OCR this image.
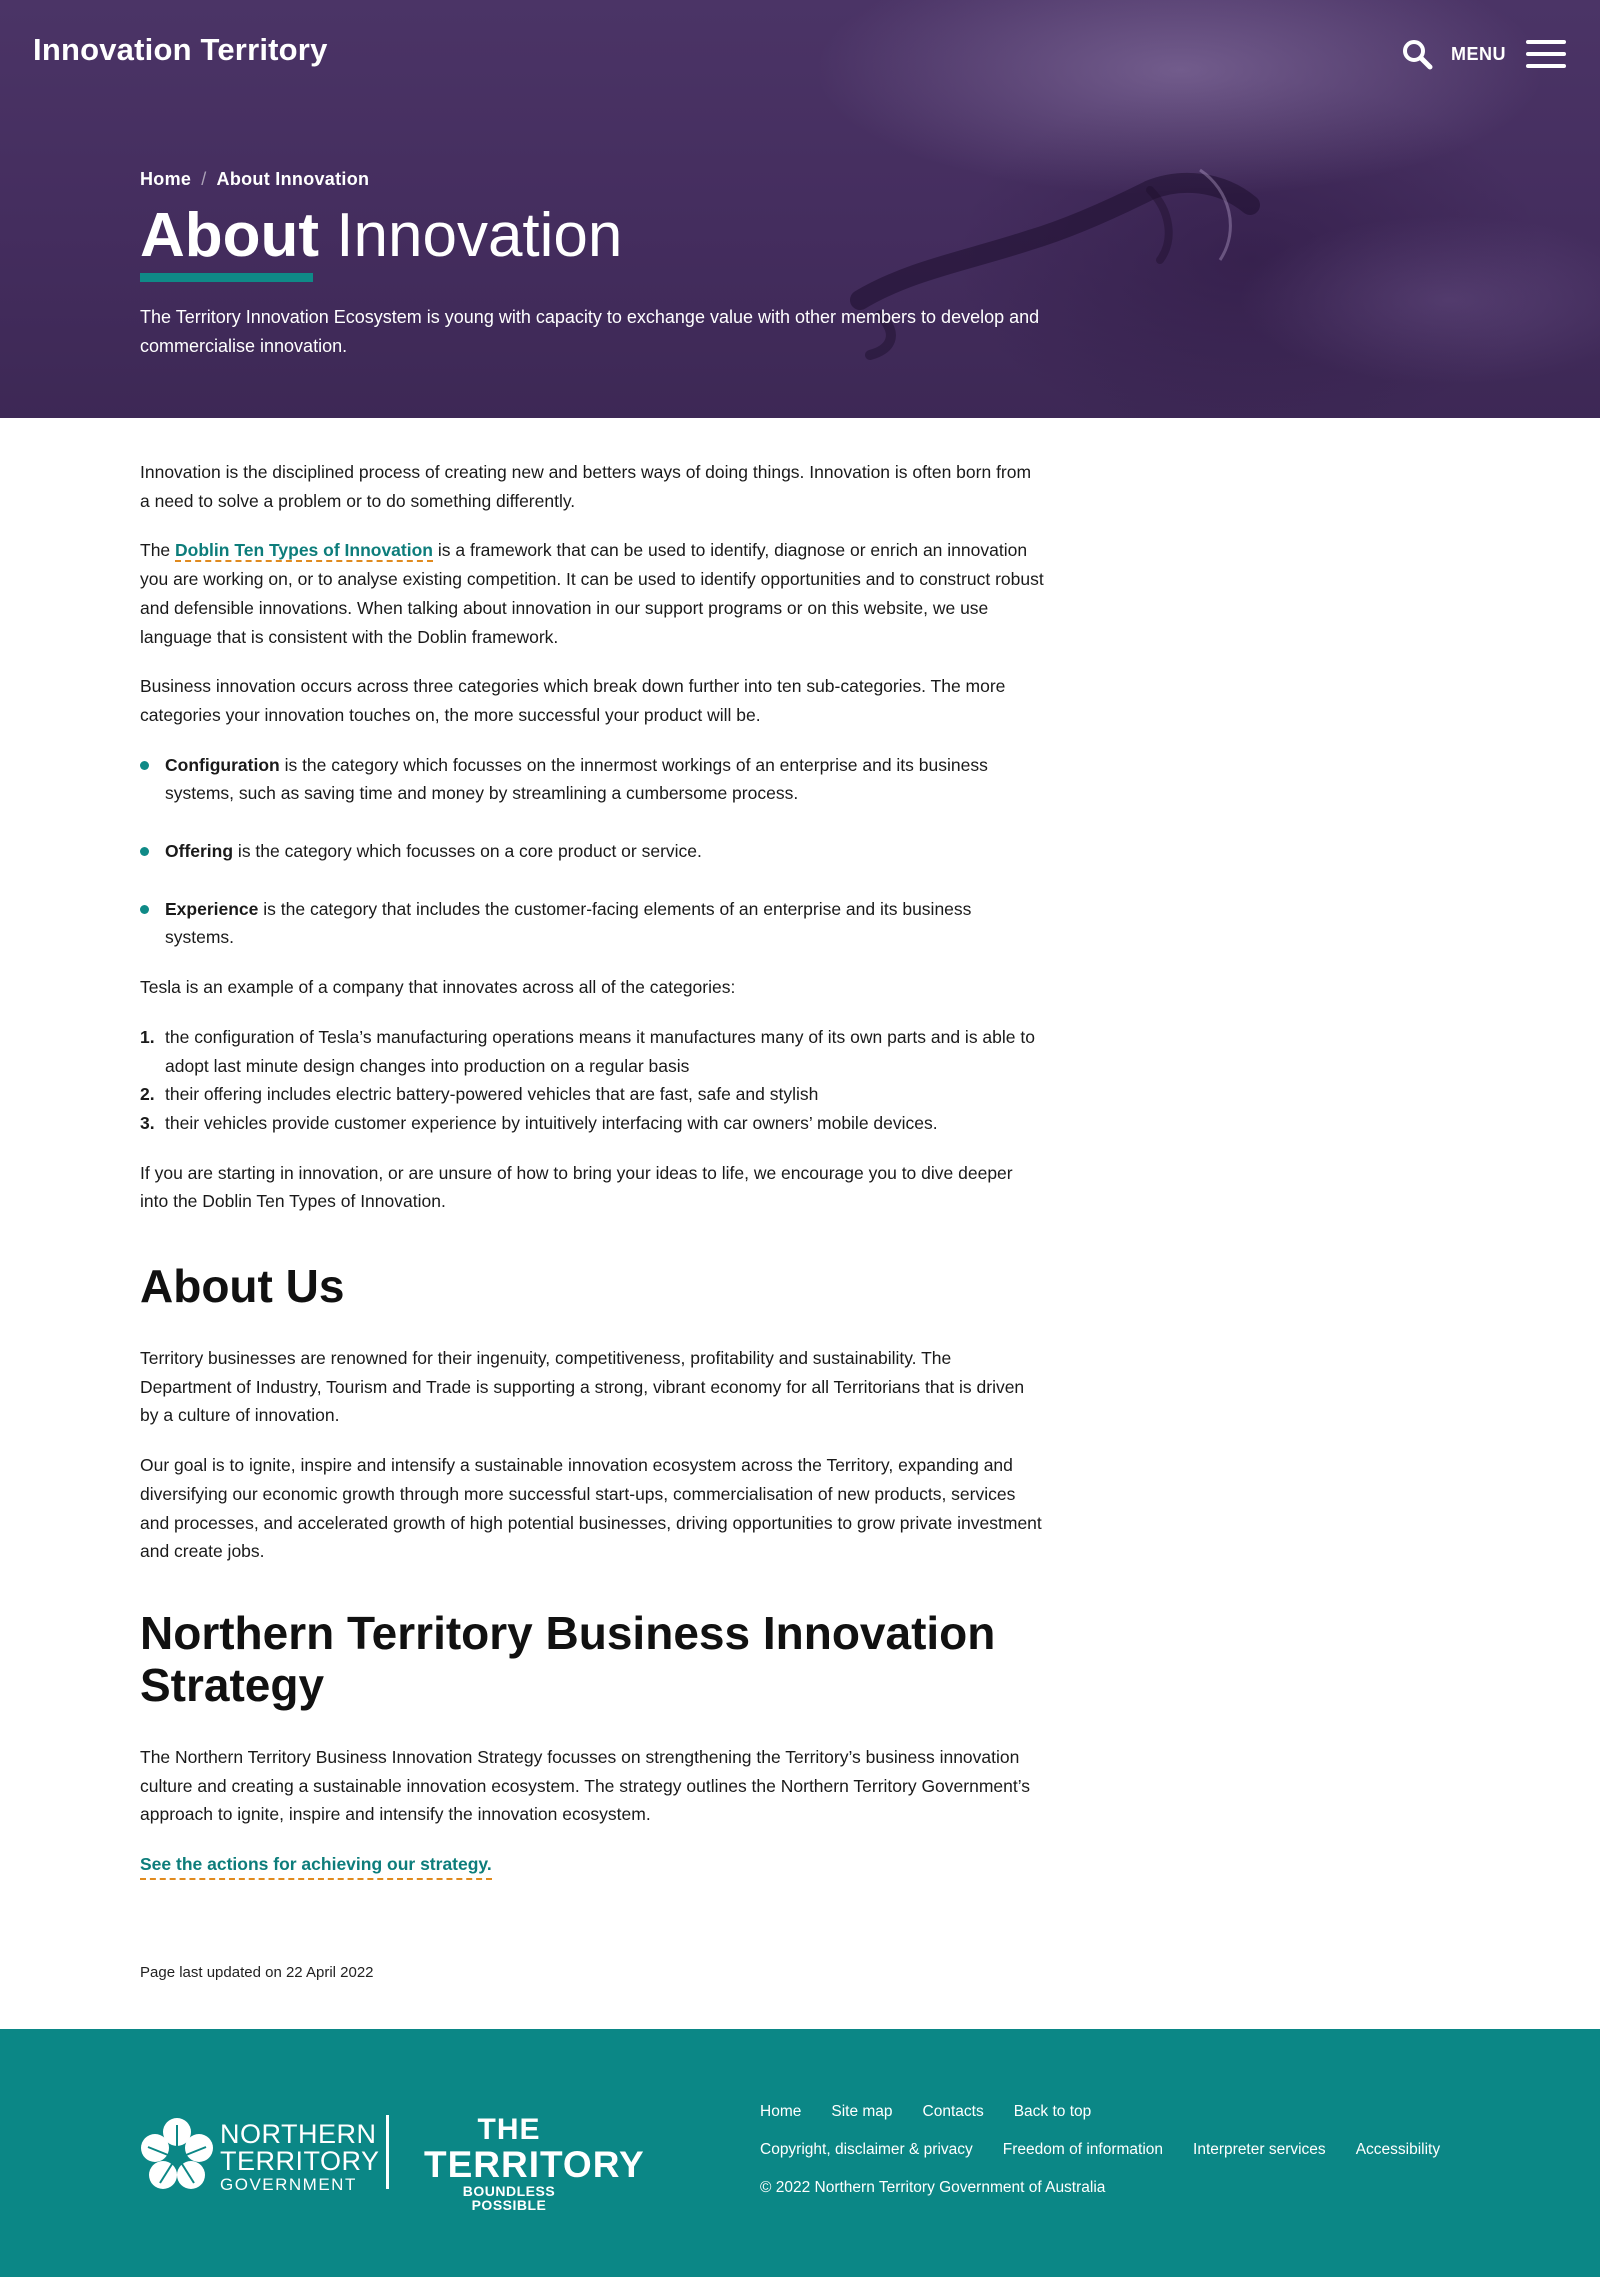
Innovation Territory	MENU
Home / About Innovation
About Innovation

The Territory Innovation Ecosystem is young with capacity to exchange value with other members to develop and commercialise innovation.

Innovation is the disciplined process of creating new and betters ways of doing things. Innovation is often born from a need to solve a problem or to do something differently.

The Doblin Ten Types of Innovation is a framework that can be used to identify, diagnose or enrich an innovation you are working on, or to analyse existing competition. It can be used to identify opportunities and to construct robust and defensible innovations. When talking about innovation in our support programs or on this website, we use language that is consistent with the Doblin framework.

Business innovation occurs across three categories which break down further into ten sub-categories. The more categories your innovation touches on, the more successful your product will be.

Configuration is the category which focusses on the innermost workings of an enterprise and its business systems, such as saving time and money by streamlining a cumbersome process.
Offering is the category which focusses on a core product or service.
Experience is the category that includes the customer-facing elements of an enterprise and its business systems.

Tesla is an example of a company that innovates across all of the categories:

1. the configuration of Tesla’s manufacturing operations means it manufactures many of its own parts and is able to adopt last minute design changes into production on a regular basis
2. their offering includes electric battery-powered vehicles that are fast, safe and stylish
3. their vehicles provide customer experience by intuitively interfacing with car owners’ mobile devices.

If you are starting in innovation, or are unsure of how to bring your ideas to life, we encourage you to dive deeper into the Doblin Ten Types of Innovation.

About Us

Territory businesses are renowned for their ingenuity, competitiveness, profitability and sustainability. The Department of Industry, Tourism and Trade is supporting a strong, vibrant economy for all Territorians that is driven by a culture of innovation.

Our goal is to ignite, inspire and intensify a sustainable innovation ecosystem across the Territory, expanding and diversifying our economic growth through more successful start-ups, commercialisation of new products, services and processes, and accelerated growth of high potential businesses, driving opportunities to grow private investment and create jobs.

Northern Territory Business Innovation Strategy

The Northern Territory Business Innovation Strategy focusses on strengthening the Territory’s business innovation culture and creating a sustainable innovation ecosystem. The strategy outlines the Northern Territory Government’s approach to ignite, inspire and intensify the innovation ecosystem.

See the actions for achieving our strategy.
Page last updated on 22 April 2022
NORTHERN
TERRITORY
GOVERNMENT
THE
TERRITORY
BOUNDLESS POSSIBLE
Home Site map Contacts Back to top
Copyright, disclaimer & privacy Freedom of information Interpreter services Accessibility
© 2022 Northern Territory Government of Australia
